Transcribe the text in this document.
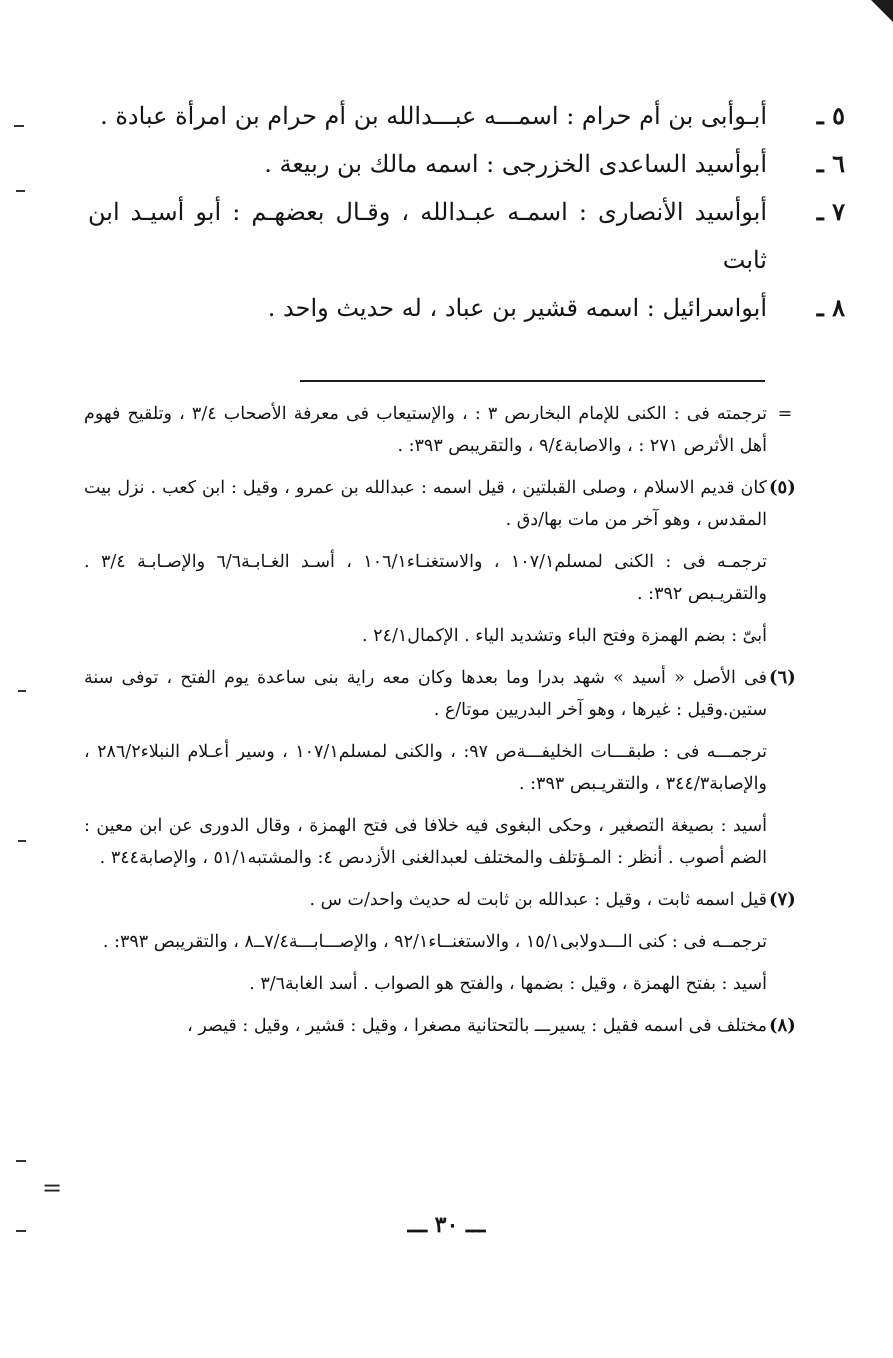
٥ ـ
أبـوأبى بن أم حرام : اسمـــه عبـــدالله بن أم حرام بن امرأة عبادة .
٦ ـ
أبوأسيد الساعدى الخزرجى : اسمه مالك بن ربيعة .
٧ ـ
أبوأسيد الأنصارى : اسمـه عبـدالله ، وقـال بعضهـم : أبو أسيـد ابن ثابت
٨ ـ
أبواسرائيل : اسمه قشير بن عباد ، له حديث واحد .
=

ترجمته فى : الكنى للإمام البخارىص ٣ : ، والإستيعاب فى معرفة الأصحاب ٣/٤ ، وتلقيح فهوم أهل الأثرص ٢٧١ : ، والاصابة٩/٤ ، والتقريبص ٣٩٣: .

(٥)

كان قديم الاسلام ، وصلى القبلتين ، قيل اسمه : عبدالله بن عمرو ، وقيل : ابن كعب . نزل بيت المقدس ، وهو آخر من مات بها/دق .

ترجمـه فى : الكنى لمسلم١٠٧/١ ، والاستغنـاء١٠٦/١ ، أسـد الغـابـة٦/٦ والإصـابـة ٣/٤ . والتقريـبص ٣٩٢: .

أبىّ : بضم الهمزة وفتح الباء وتشديد الياء . الإكمال٢٤/١ .

(٦)

فى الأصل « أسيد » شهد بدرا وما بعدها وكان معه راية بنى ساعدة يوم الفتح ، توفى سنة ستين.وقيل : غيرها ، وهو آخر البدريين موتا/ع .

ترجمـــه فى : طبقـــات الخليفـــةص ٩٧: ، والكنى لمسلم١٠٧/١ ، وسير أعـلام النبلاء٢٨٦/٢ ، والإصابة٣٤٤/٣ ، والتقريـبص ٣٩٣: .

أسيد : بصيغة التصغير ، وحكى البغوى فيه خلافا فى فتح الهمزة ، وقال الدورى عن ابن معين : الضم أصوب . أنظر : المـؤتلف والمختلف لعبدالغنى الأزدىص ٤: والمشتبه٥١/١ ، والإصابة٣٤٤ .

(٧)

قيل اسمه ثابت ، وقيل : عبدالله بن ثابت له حديث واحد/ت س .

ترجمــه فى : كنى الـــدولابى١٥/١ ، والاستغنــاء٩٢/١ ، والإصـــابـــة٧/٤ــ٨ ، والتقريبص ٣٩٣: .

أسيد : بفتح الهمزة ، وقيل : بضمها ، والفتح هو الصواب . أسد الغابة٣/٦ .

(٨)

مختلف فى اسمه فقيل : يسيرـــ بالتحتانية مصغرا ، وقيل : قشير ، وقيل : قيصر ،

=
ـــ ٣٠ ـــ
